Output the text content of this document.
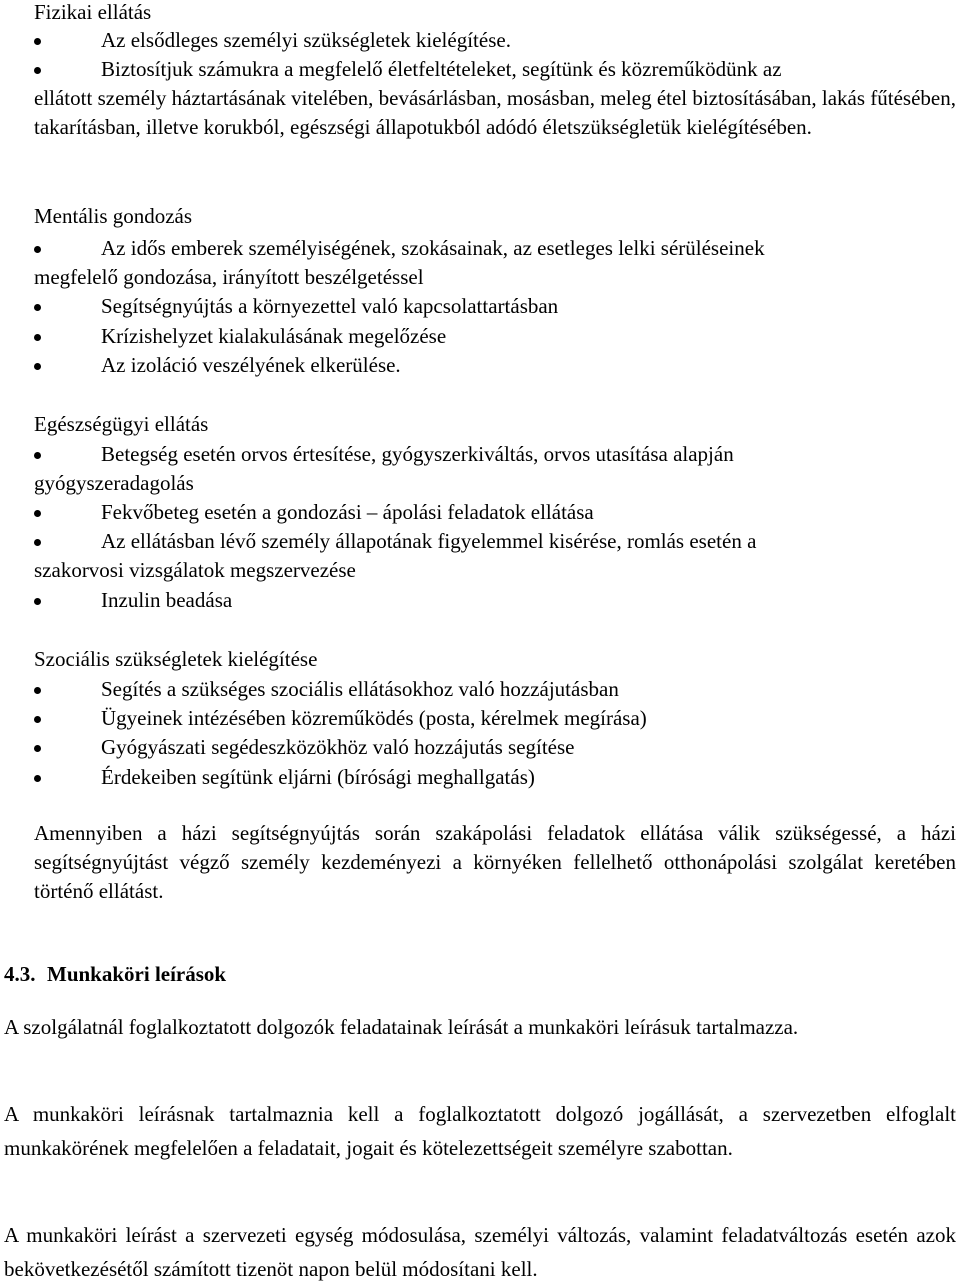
Fizikai ellátás
Az elsődleges személyi szükségletek kielégítése.
Biztosítjuk számukra a megfelelő életfeltételeket, segítünk és közreműködünk az
ellátott személy háztartásának vitelében, bevásárlásban, mosásban, meleg étel biztosításában, lakás fűtésében, takarításban, illetve korukból, egészségi állapotukból adódó életszükségletük kielégítésében.
Mentális gondozás
Az idős emberek személyiségének, szokásainak, az esetleges lelki sérüléseinek
megfelelő gondozása, irányított beszélgetéssel
Segítségnyújtás a környezettel való kapcsolattartásban
Krízishelyzet kialakulásának megelőzése
Az izoláció veszélyének elkerülése.
Egészségügyi ellátás
Betegség esetén orvos értesítése, gyógyszerkiváltás, orvos utasítása alapján
gyógyszeradagolás
Fekvőbeteg esetén a gondozási – ápolási feladatok ellátása
Az ellátásban lévő személy állapotának figyelemmel kisérése, romlás esetén a
szakorvosi vizsgálatok megszervezése
Inzulin beadása
Szociális szükségletek kielégítése
Segítés a szükséges szociális ellátásokhoz való hozzájutásban
Ügyeinek intézésében közreműködés (posta, kérelmek megírása)
Gyógyászati segédeszközökhöz való hozzájutás segítése
Érdekeiben segítünk eljárni (bírósági meghallgatás)
Amennyiben a házi segítségnyújtás során szakápolási feladatok ellátása válik szükségessé, a házi segítségnyújtást végző személy kezdeményezi a környéken fellelhető otthonápolási szolgálat keretében történő ellátást.
4.3. Munkaköri leírások
A szolgálatnál foglalkoztatott dolgozók feladatainak leírását a munkaköri leírásuk tartalmazza.
A munkaköri leírásnak tartalmaznia kell a foglalkoztatott dolgozó jogállását, a szervezetben elfoglalt munkakörének megfelelően a feladatait, jogait és kötelezettségeit személyre szabottan.
A munkaköri leírást a szervezeti egység módosulása, személyi változás, valamint feladatváltozás esetén azok bekövetkezésétől számított tizenöt napon belül módosítani kell.
